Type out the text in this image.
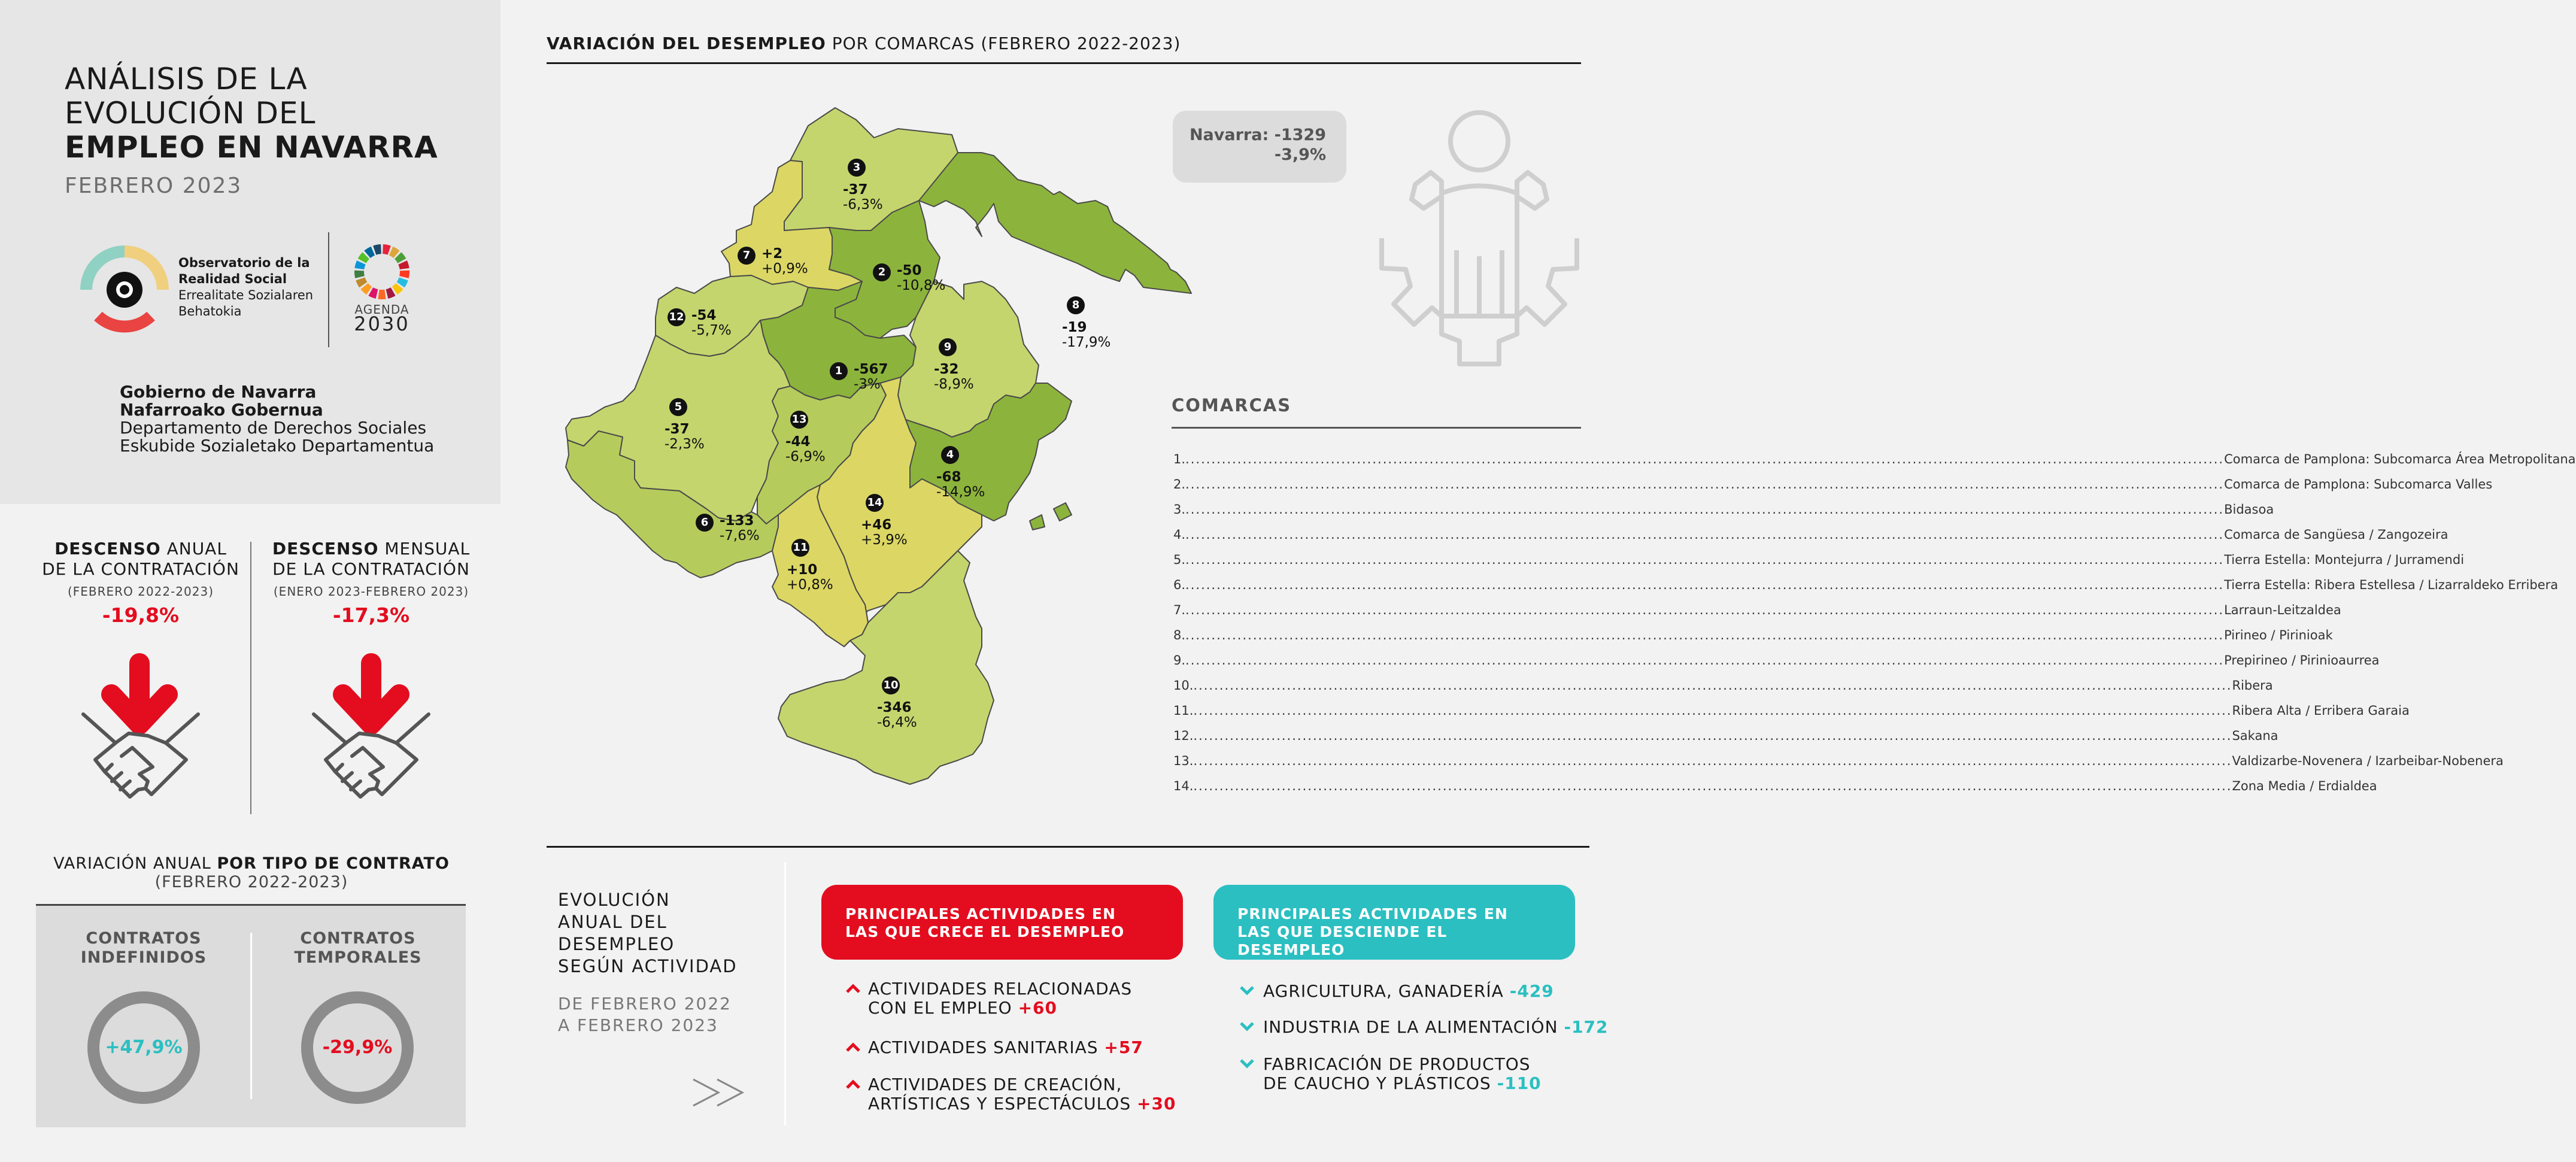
ANÁLISIS DE LA
EVOLUCIÓN DEL
EMPLEO EN NAVARRA
FEBRERO 2023
Observatorio de la
Realidad Social
Errealitate Sozialaren
Behatokia	AGENDA
2030
Gobierno de Navarra
Nafarroako Gobernua
Departamento de Derechos Sociales
Eskubide Sozialetako Departamentua
DESCENSO ANUAL
DE LA CONTRATACIÓN
(FEBRERO 2022-2023)
-19,8%
DESCENSO MENSUAL
DE LA CONTRATACIÓN
(ENERO 2023-FEBRERO 2023)
-17,3%
VARIACIÓN ANUAL POR TIPO DE CONTRATO
(FEBRERO 2022-2023)
CONTRATOS
INDEFINIDOS
CONTRATOS
TEMPORALES
+47,9%	-29,9%
VARIACIÓN DEL DESEMPLEO POR COMARCAS (FEBRERO 2022-2023)
1 -567
-3%
2 -50
-10,8%
3
-37
-6,3%
4
-68
-14,9%
5
-37
-2,3%
6 -133
-7,6%
7 +2
+0,9%
8
-19
-17,9%
9
-32
-8,9%
10
-346
-6,4%
11
+10
+0,8%
12 -54
-5,7%
13
-44
-6,9%
14
+46
+3,9%
Navarra: -1329
-3,9%
COMARCAS
1. ........................................................................................................................................................................................................ Comarca de Pamplona: Subcomarca Área Metropolitana
2. ........................................................................................................................................................................................................ Comarca de Pamplona: Subcomarca Valles
3. ........................................................................................................................................................................................................ Bidasoa
4. ........................................................................................................................................................................................................ Comarca de Sangüesa / Zangozeira
5. ........................................................................................................................................................................................................ Tierra Estella: Montejurra / Jurramendi
6. ........................................................................................................................................................................................................ Tierra Estella: Ribera Estellesa / Lizarraldeko Erribera
7. ........................................................................................................................................................................................................ Larraun-Leitzaldea
8. ........................................................................................................................................................................................................ Pirineo / Pirinioak
9. ........................................................................................................................................................................................................ Prepirineo / Pirinioaurrea
10. ........................................................................................................................................................................................................ Ribera
11. ........................................................................................................................................................................................................ Ribera Alta / Erribera Garaia
12. ........................................................................................................................................................................................................ Sakana
13. ........................................................................................................................................................................................................ Valdizarbe-Novenera / Izarbeibar-Nobenera
14. ........................................................................................................................................................................................................ Zona Media / Erdialdea
EVOLUCIÓN
ANUAL DEL
DESEMPLEO
SEGÚN ACTIVIDAD
DE FEBRERO 2022
A FEBRERO 2023
PRINCIPALES ACTIVIDADES EN
LAS QUE CRECE EL DESEMPLEO
PRINCIPALES ACTIVIDADES EN
LAS QUE DESCIENDE EL DESEMPLEO
ACTIVIDADES RELACIONADAS
CON EL EMPLEO +60
ACTIVIDADES SANITARIAS +57
ACTIVIDADES DE CREACIÓN,
ARTÍSTICAS Y ESPECTÁCULOS +30
AGRICULTURA, GANADERÍA -429
INDUSTRIA DE LA ALIMENTACIÓN -172
FABRICACIÓN DE PRODUCTOS
DE CAUCHO Y PLÁSTICOS -110
